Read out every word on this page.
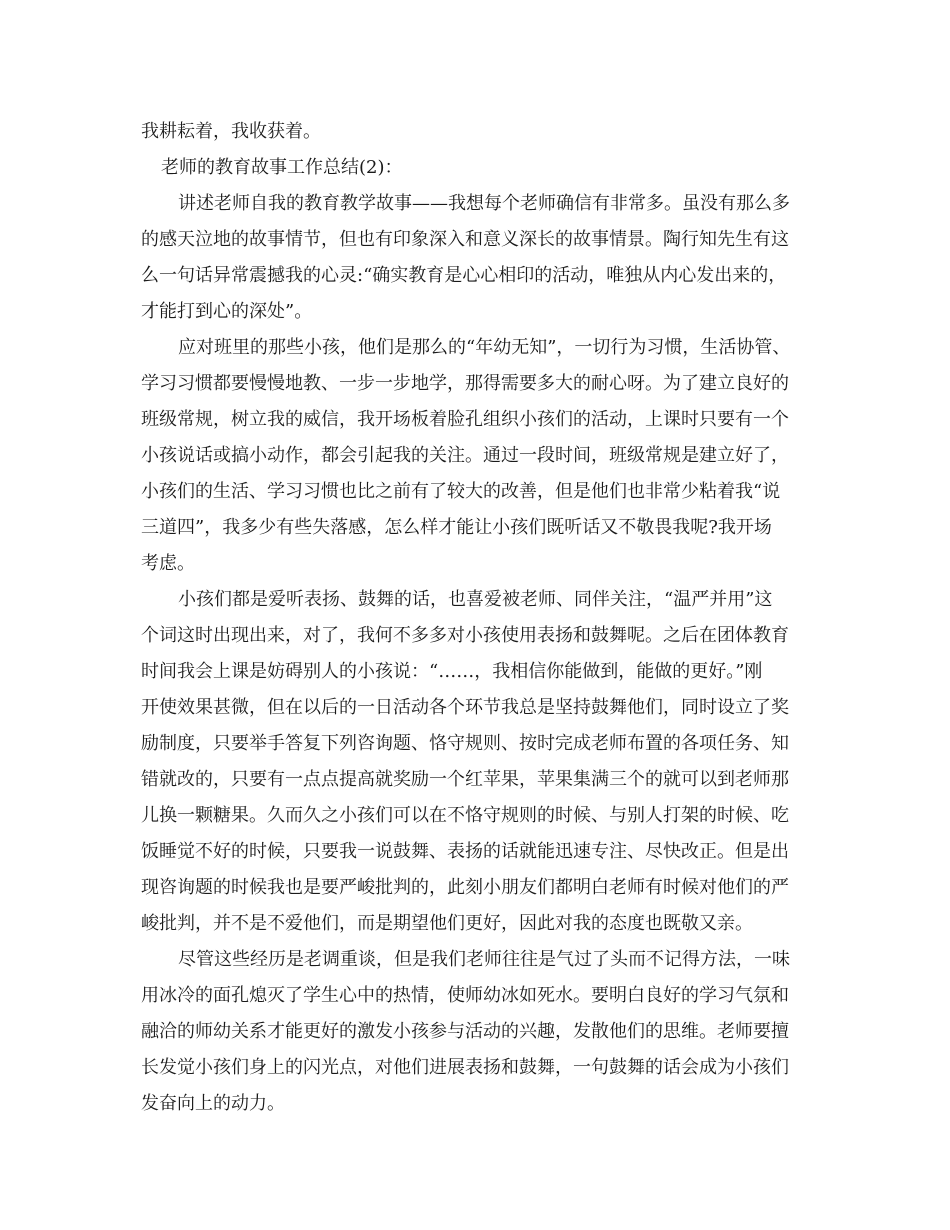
我耕耘着，我收获着。
老师的教育故事工作总结(2)：
讲述老师自我的教育教学故事——我想每个老师确信有非常多。虽没有那么多
的感天泣地的故事情节，但也有印象深入和意义深长的故事情景。陶行知先生有这
么一句话异常震撼我的心灵:“确实教育是心心相印的活动，唯独从内心发出来的，
才能打到心的深处”。
应对班里的那些小孩，他们是那么的“年幼无知”，一切行为习惯，生活协管、
学习习惯都要慢慢地教、一步一步地学，那得需要多大的耐心呀。为了建立良好的
班级常规，树立我的威信，我开场板着脸孔组织小孩们的活动，上课时只要有一个
小孩说话或搞小动作，都会引起我的关注。通过一段时间，班级常规是建立好了，
小孩们的生活、学习习惯也比之前有了较大的改善，但是他们也非常少粘着我“说
三道四”，我多少有些失落感，怎么样才能让小孩们既听话又不敬畏我呢?我开场
考虑。
小孩们都是爱听表扬、鼓舞的话，也喜爱被老师、同伴关注，“温严并用”这
个词这时出现出来，对了，我何不多多对小孩使用表扬和鼓舞呢。之后在团体教育
时间我会上课是妨碍别人的小孩说：“……，我相信你能做到，能做的更好。”刚
开使效果甚微，但在以后的一日活动各个环节我总是坚持鼓舞他们，同时设立了奖
励制度，只要举手答复下列咨询题、恪守规则、按时完成老师布置的各项任务、知
错就改的，只要有一点点提高就奖励一个红苹果，苹果集满三个的就可以到老师那
儿换一颗糖果。久而久之小孩们可以在不恪守规则的时候、与别人打架的时候、吃
饭睡觉不好的时候，只要我一说鼓舞、表扬的话就能迅速专注、尽快改正。但是出
现咨询题的时候我也是要严峻批判的，此刻小朋友们都明白老师有时候对他们的严
峻批判，并不是不爱他们，而是期望他们更好，因此对我的态度也既敬又亲。
尽管这些经历是老调重谈，但是我们老师往往是气过了头而不记得方法，一味
用冰冷的面孔熄灭了学生心中的热情，使师幼冰如死水。要明白良好的学习气氛和
融洽的师幼关系才能更好的激发小孩参与活动的兴趣，发散他们的思维。老师要擅
长发觉小孩们身上的闪光点，对他们进展表扬和鼓舞，一句鼓舞的话会成为小孩们
发奋向上的动力。
